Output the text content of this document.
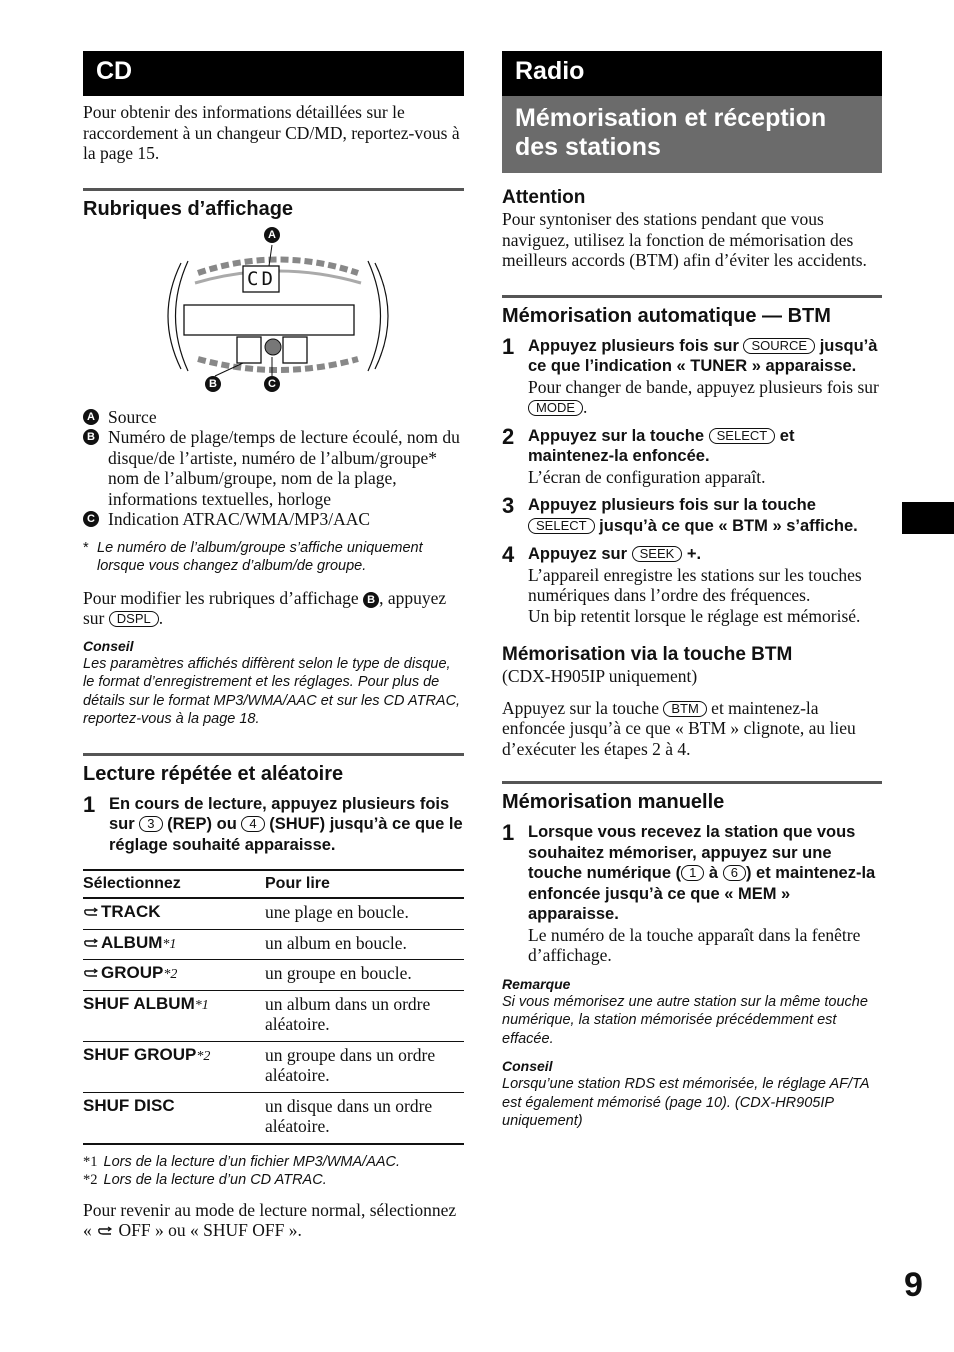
CD

Pour obtenir des informations détaillées sur le raccordement à un changeur CD/MD, reportez-vous à la page 15.

Rubriques d’affichage

CD
A
B	C
A Source
B Numéro de plage/temps de lecture écoulé, nom du disque/de l’artiste, numéro de l’album/groupe* nom de l’album/groupe, nom de la plage, informations textuelles, horloge
C Indication ATRAC/WMA/MP3/AAC
* Le numéro de l’album/groupe s’affiche uniquement lorsque vous changez d’album/de groupe.

Pour modifier les rubriques d’affichage B , appuyez sur DSPL .

Conseil

Les paramètres affichés diffèrent selon le type de disque, le format d’enregistrement et les réglages. Pour plus de détails sur le format MP3/WMA/AAC et sur les CD ATRAC, reportez-vous à la page 18.

Lecture répétée et aléatoire

1 En cours de lecture, appuyez plusieurs fois sur 3 (REP) ou 4 (SHUF) jusqu’à ce que le réglage souhaité apparaisse.
Sélectionnez	Pour lire
TRACK	une plage en boucle.
ALBUM*1	un album en boucle.
GROUP*2	un groupe en boucle.
SHUF ALBUM*1	un album dans un ordre aléatoire.
SHUF GROUP*2	un groupe dans un ordre aléatoire.
SHUF DISC	un disque dans un ordre aléatoire.
*1 Lors de la lecture d’un fichier MP3/WMA/AAC.
*2 Lors de la lecture d’un CD ATRAC.

Pour revenir au mode de lecture normal, sélectionnez « OFF » ou « SHUF OFF ».

Radio
Mémorisation et réception des stations

Attention

Pour syntoniser des stations pendant que vous naviguez, utilisez la fonction de mémorisation des meilleurs accords (BTM) afin d’éviter les accidents.

Mémorisation automatique — BTM

1 Appuyez plusieurs fois sur SOURCE jusqu’à ce que l’indication « TUNER » apparaisse.
Pour changer de bande, appuyez plusieurs fois sur MODE .
2 Appuyez sur la touche SELECT et maintenez-la enfoncée.
L’écran de configuration apparaît.
3 Appuyez plusieurs fois sur la touche SELECT jusqu’à ce que « BTM » s’affiche.
4 Appuyez sur SEEK +.
L’appareil enregistre les stations sur les touches numériques dans l’ordre des fréquences.
Un bip retentit lorsque le réglage est mémorisé.

Mémorisation via la touche BTM

(CDX-H905IP uniquement)

Appuyez sur la touche BTM et maintenez-la enfoncée jusqu’à ce que « BTM » clignote, au lieu d’exécuter les étapes 2 à 4.

Mémorisation manuelle

1 Lorsque vous recevez la station que vous souhaitez mémoriser, appuyez sur une touche numérique ( 1 à 6 ) et maintenez-la enfoncée jusqu’à ce que « MEM » apparaisse.
Le numéro de la touche apparaît dans la fenêtre d’affichage.

Remarque

Si vous mémorisez une autre station sur la même touche numérique, la station mémorisée précédemment est effacée.

Conseil

Lorsqu’une station RDS est mémorisée, le réglage AF/TA est également mémorisé (page 10). (CDX-HR905IP uniquement)

9
